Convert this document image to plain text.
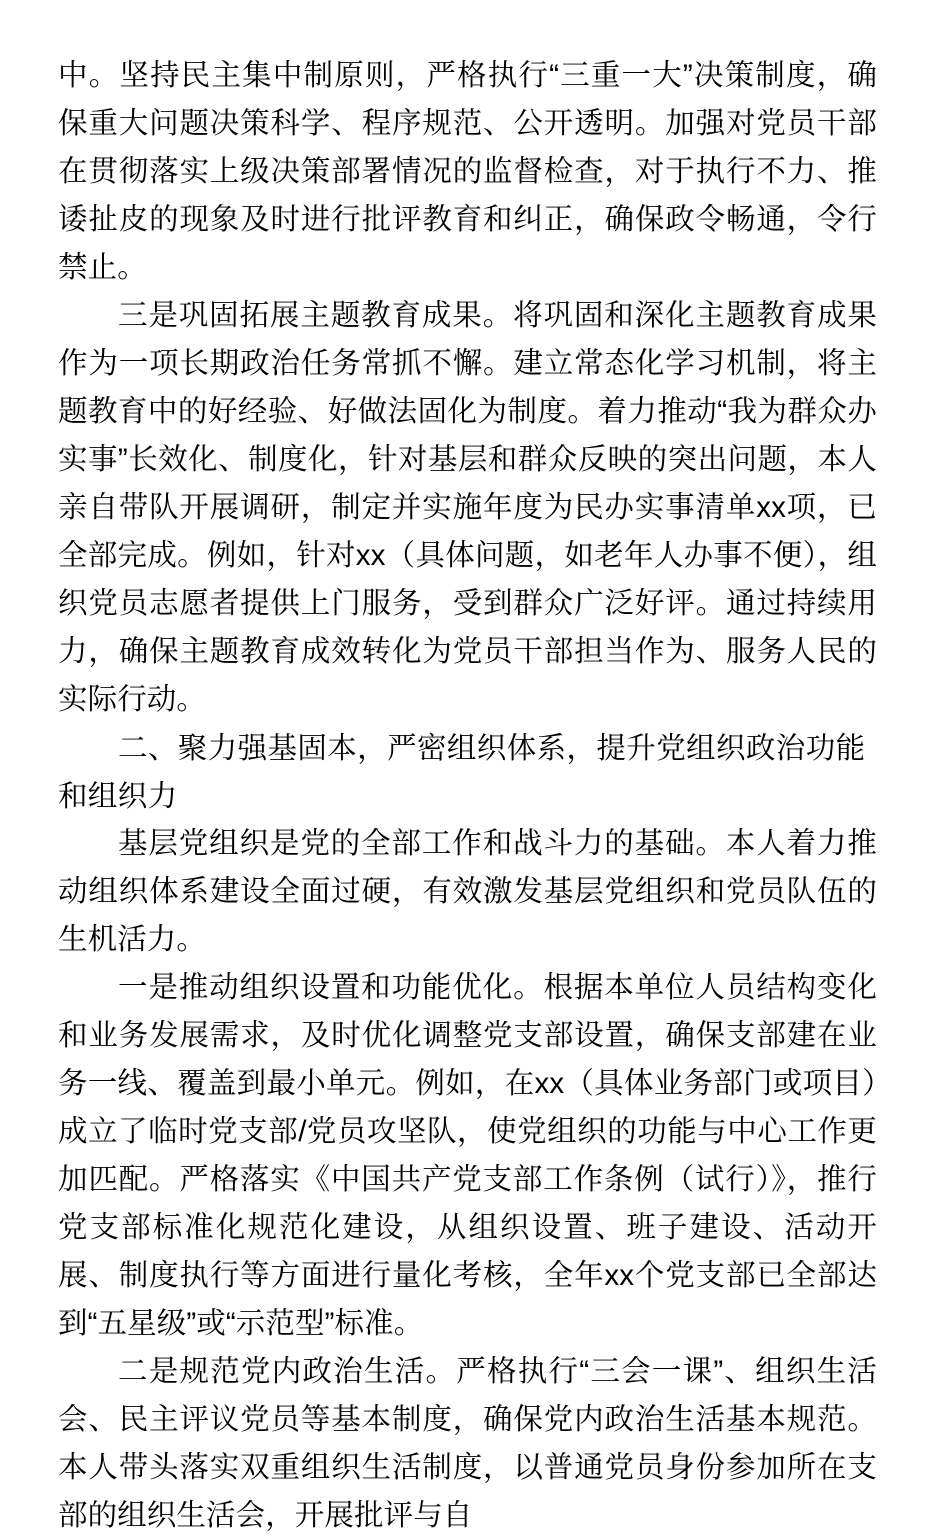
中。坚持民主集中制原则，严格执行“三重一大”决策制度，确保重大问题决策科学、程序规范、公开透明。加强对党员干部在贯彻落实上级决策部署情况的监督检查，对于执行不力、推诿扯皮的现象及时进行批评教育和纠正，确保政令畅通，令行禁止。

三是巩固拓展主题教育成果。将巩固和深化主题教育成果作为一项长期政治任务常抓不懈。建立常态化学习机制，将主题教育中的好经验、好做法固化为制度。着力推动“我为群众办实事”长效化、制度化，针对基层和群众反映的突出问题，本人亲自带队开展调研，制定并实施年度为民办实事清单xx项，已全部完成。例如，针对xx（具体问题，如老年人办事不便），组织党员志愿者提供上门服务，受到群众广泛好评。通过持续用力，确保主题教育成效转化为党员干部担当作为、服务人民的实际行动。

二、聚力强基固本，严密组织体系，提升党组织政治功能和组织力

基层党组织是党的全部工作和战斗力的基础。本人着力推动组织体系建设全面过硬，有效激发基层党组织和党员队伍的生机活力。

一是推动组织设置和功能优化。根据本单位人员结构变化和业务发展需求，及时优化调整党支部设置，确保支部建在业务一线、覆盖到最小单元。例如，在xx（具体业务部门或项目）成立了临时党支部/党员攻坚队，使党组织的功能与中心工作更加匹配。严格落实《中国共产党支部工作条例（试行）》，推行党支部标准化规范化建设，从组织设置、班子建设、活动开展、制度执行等方面进行量化考核，全年xx个党支部已全部达到“五星级”或“示范型”标准。

二是规范党内政治生活。严格执行“三会一课”、组织生活会、民主评议党员等基本制度，确保党内政治生活基本规范。本人带头落实双重组织生活制度，以普通党员身份参加所在支部的组织生活会，开展批评与自
